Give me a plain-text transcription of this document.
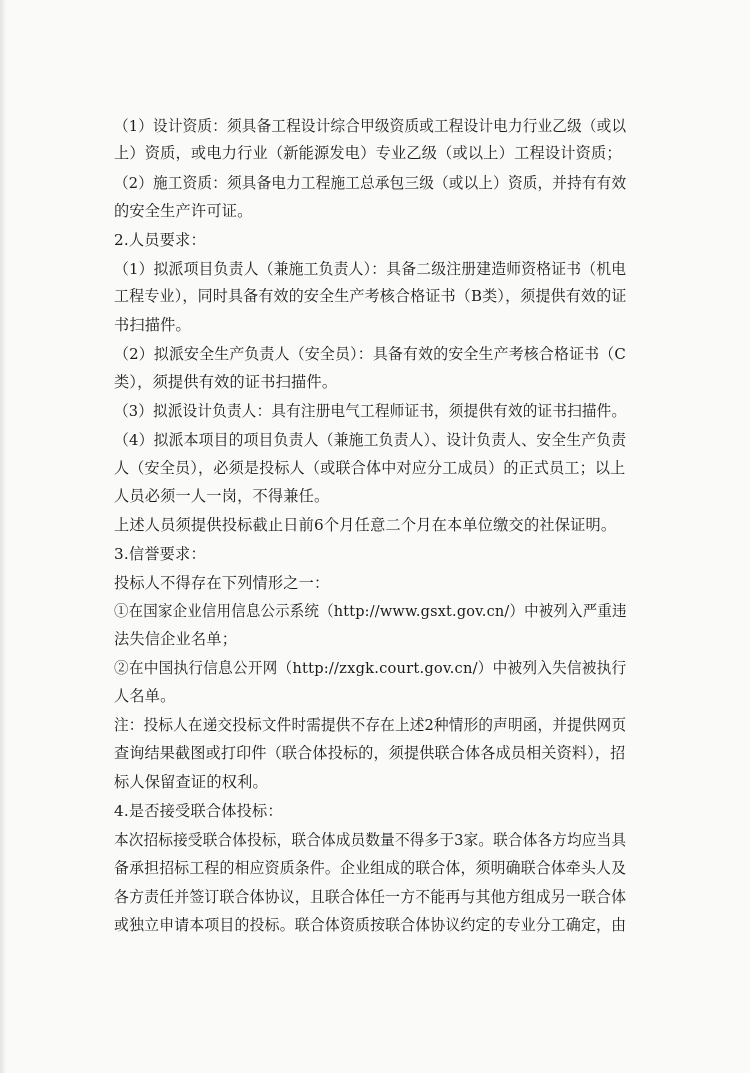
（1）设计资质：须具备工程设计综合甲级资质或工程设计电力行业乙级（或以
上）资质，或电力行业（新能源发电）专业乙级（或以上）工程设计资质；
（2）施工资质：须具备电力工程施工总承包三级（或以上）资质，并持有有效
的安全生产许可证。
2.人员要求：
（1）拟派项目负责人（兼施工负责人）：具备二级注册建造师资格证书（机电
工程专业），同时具备有效的安全生产考核合格证书（B类），须提供有效的证
书扫描件。
（2）拟派安全生产负责人（安全员）：具备有效的安全生产考核合格证书（C
类），须提供有效的证书扫描件。
（3）拟派设计负责人：具有注册电气工程师证书，须提供有效的证书扫描件。
（4）拟派本项目的项目负责人（兼施工负责人）、设计负责人、安全生产负责
人（安全员），必须是投标人（或联合体中对应分工成员）的正式员工；以上
人员必须一人一岗，不得兼任。
上述人员须提供投标截止日前6个月任意二个月在本单位缴交的社保证明。
3.信誉要求：
投标人不得存在下列情形之一：
①在国家企业信用信息公示系统（http://www.gsxt.gov.cn/）中被列入严重违
法失信企业名单；
②在中国执行信息公开网（http://zxgk.court.gov.cn/）中被列入失信被执行
人名单。
注：投标人在递交投标文件时需提供不存在上述2种情形的声明函，并提供网页
查询结果截图或打印件（联合体投标的，须提供联合体各成员相关资料），招
标人保留查证的权利。
4.是否接受联合体投标：
本次招标接受联合体投标，联合体成员数量不得多于3家。联合体各方均应当具
备承担招标工程的相应资质条件。企业组成的联合体，须明确联合体牵头人及
各方责任并签订联合体协议，且联合体任一方不能再与其他方组成另一联合体
或独立申请本项目的投标。联合体资质按联合体协议约定的专业分工确定，由
